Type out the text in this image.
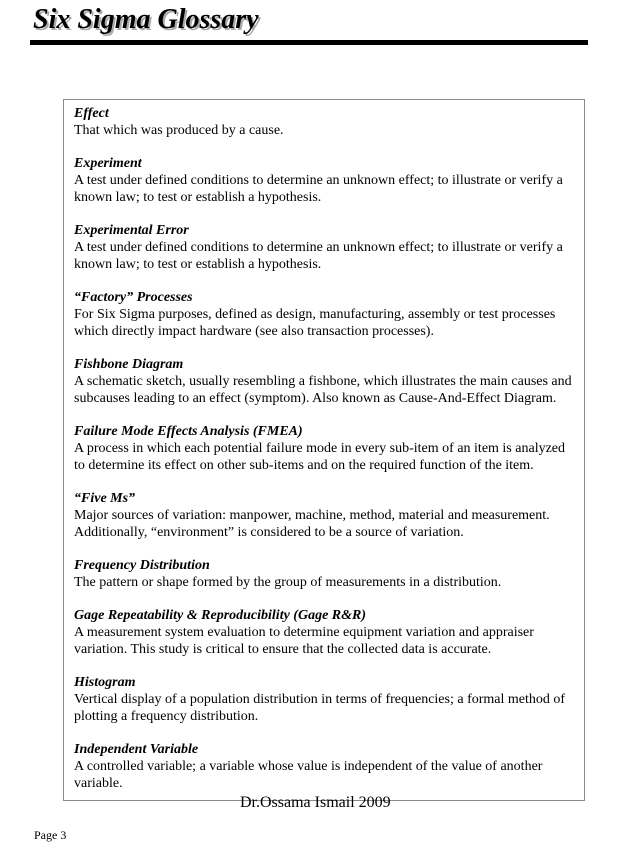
Six Sigma Glossary
Effect
That which was produced by a cause.
Experiment
A test under defined conditions to determine an unknown effect; to illustrate or verify a known law; to test or establish a hypothesis.
Experimental Error
A test under defined conditions to determine an unknown effect; to illustrate or verify a known law; to test or establish a hypothesis.
“Factory” Processes
For Six Sigma purposes, defined as design, manufacturing, assembly or test processes which directly impact hardware (see also transaction processes).
Fishbone Diagram
A schematic sketch, usually resembling a fishbone, which illustrates the main causes and subcauses leading to an effect (symptom). Also known as Cause-And-Effect Diagram.
Failure Mode Effects Analysis (FMEA)
A process in which each potential failure mode in every sub-item of an item is analyzed to determine its effect on other sub-items and on the required function of the item.
“Five Ms”
Major sources of variation: manpower, machine, method, material and measurement. Additionally, “environment” is considered to be a source of variation.
Frequency Distribution
The pattern or shape formed by the group of measurements in a distribution.
Gage Repeatability & Reproducibility (Gage R&R)
A measurement system evaluation to determine equipment variation and appraiser variation. This study is critical to ensure that the collected data is accurate.
Histogram
Vertical display of a population distribution in terms of frequencies; a formal method of plotting a frequency distribution.
Independent Variable
A controlled variable; a variable whose value is independent of the value of another variable.
Dr.Ossama Ismail 2009
Page 3
